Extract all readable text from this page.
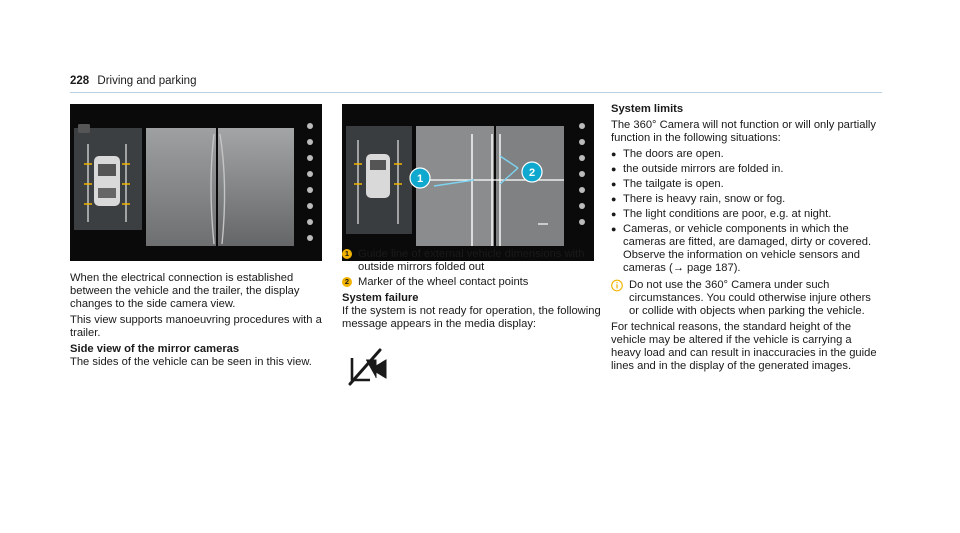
228 Driving and parking
1	2
When the electrical connection is established between the vehicle and the trailer, the display changes to the side camera view.
This view supports manoeuvring procedures with a trailer.
Side view of the mirror cameras
The sides of the vehicle can be seen in this view.
1 Guide line of external vehicle dimensions with outside mirrors folded out
2 Marker of the wheel contact points
System failure
If the system is not ready for operation, the following message appears in the media display:
System limits
The 360° Camera will not function or will only partially function in the following situations:
● The doors are open.
● the outside mirrors are folded in.
● The tailgate is open.
● There is heavy rain, snow or fog.
● The light conditions are poor, e.g. at night.
● Cameras, or vehicle components in which the cameras are fitted, are damaged, dirty or covered. Observe the information on vehicle sensors and cameras (→ page 187).
Do not use the 360° Camera under such circumstances. You could otherwise injure others or collide with objects when parking the vehicle.
For technical reasons, the standard height of the vehicle may be altered if the vehicle is carrying a heavy load and can result in inaccuracies in the guide lines and in the display of the generated images.
